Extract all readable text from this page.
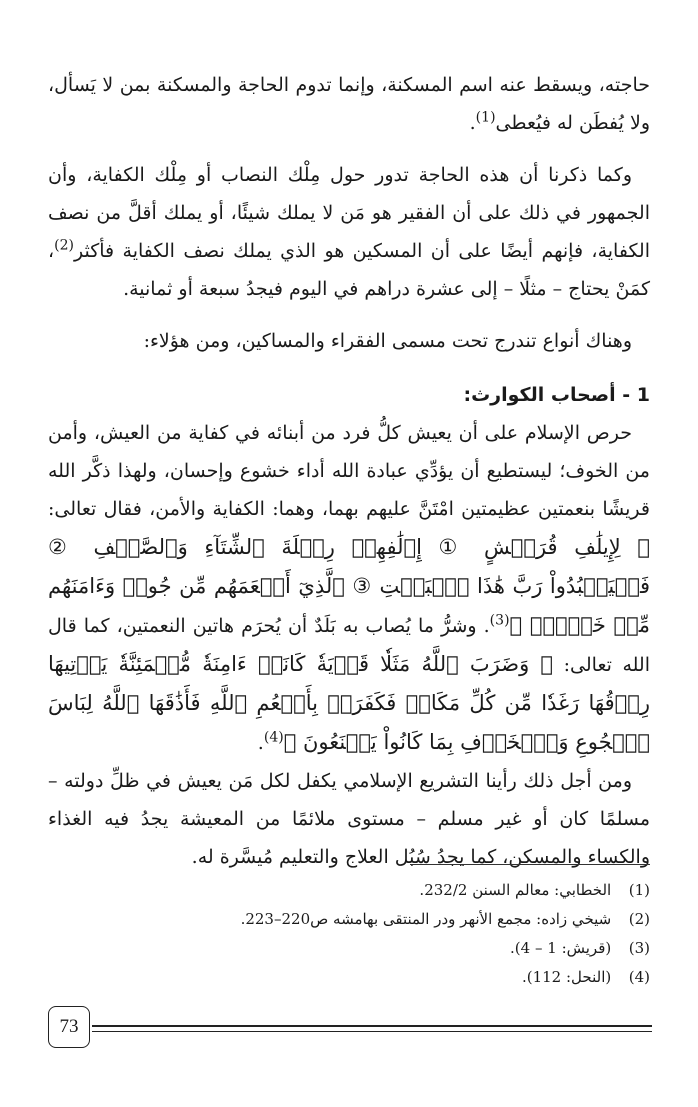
حاجته، ويسقط عنه اسم المسكنة، وإنما تدوم الحاجة والمسكنة بمن لا يَسأل، ولا يُفطَن له فيُعطى$^{(1)}$.

وكما ذكرنا أن هذه الحاجة تدور حول مِلْك النصاب أو مِلْك الكفاية، وأن الجمهور في ذلك على أن الفقير هو مَن لا يملك شيئًا، أو يملك أقلَّ من نصف الكفاية، فإنهم أيضًا على أن المسكين هو الذي يملك نصف الكفاية فأكثر$^{(2)}$، كمَنْ يحتاج – مثلًا – إلى عشرة دراهم في اليوم فيجدُ سبعة أو ثمانية.

وهناك أنواع تندرج تحت مسمى الفقراء والمساكين، ومن هؤلاء:

1 - أصحاب الكوارث:

حرص الإسلام على أن يعيش كلُّ فرد من أبنائه في كفاية من العيش، وأمن من الخوف؛ ليستطيع أن يؤدِّي عبادة الله أداء خشوع وإحسان، ولهذا ذكَّر الله قريشًا بنعمتين عظيمتين امْتَنَّ عليهم بهما، وهما: الكفاية والأمن، فقال تعالى: ﴿ لِإِيلَٰفِ قُرَيۡشٍ ① إِۦلَٰفِهِمۡ رِحۡلَةَ ٱلشِّتَآءِ وَٱلصَّيۡفِ ② فَلۡيَعۡبُدُواْ رَبَّ هَٰذَا ٱلۡبَيۡتِ ③ ٱلَّذِيٓ أَطۡعَمَهُم مِّن جُوعٖ وَءَامَنَهُم مِّنۡ خَوۡفِۭ ﴾$^{(3)}$. وشرُّ ما يُصاب به بَلَدٌ أن يُحرَم هاتين النعمتين، كما قال الله تعالى: ﴿ وَضَرَبَ ٱللَّهُ مَثَلٗا قَرۡيَةٗ كَانَتۡ ءَامِنَةٗ مُّطۡمَئِنَّةٗ يَأۡتِيهَا رِزۡقُهَا رَغَدٗا مِّن كُلِّ مَكَانٖ فَكَفَرَتۡ بِأَنۡعُمِ ٱللَّهِ فَأَذَٰقَهَا ٱللَّهُ لِبَاسَ ٱلۡجُوعِ وَٱلۡخَوۡفِ بِمَا كَانُواْ يَصۡنَعُونَ ﴾$^{(4)}$.

ومن أجل ذلك رأينا التشريع الإسلامي يكفل لكل مَن يعيش في ظلِّ دولته – مسلمًا كان أو غير مسلم – مستوى ملائمًا من المعيشة يجدُ فيه الغذاء والكساء والمسكن، كما يجدُ سُبُل العلاج والتعليم مُيسَّرة له.

(1) الخطابي: معالم السنن 232/2.
(2) شيخي زاده: مجمع الأنهر ودر المنتقى بهامشه ص220–223.
(3) (قريش: 1 – 4).
(4) (النحل: 112).
73
